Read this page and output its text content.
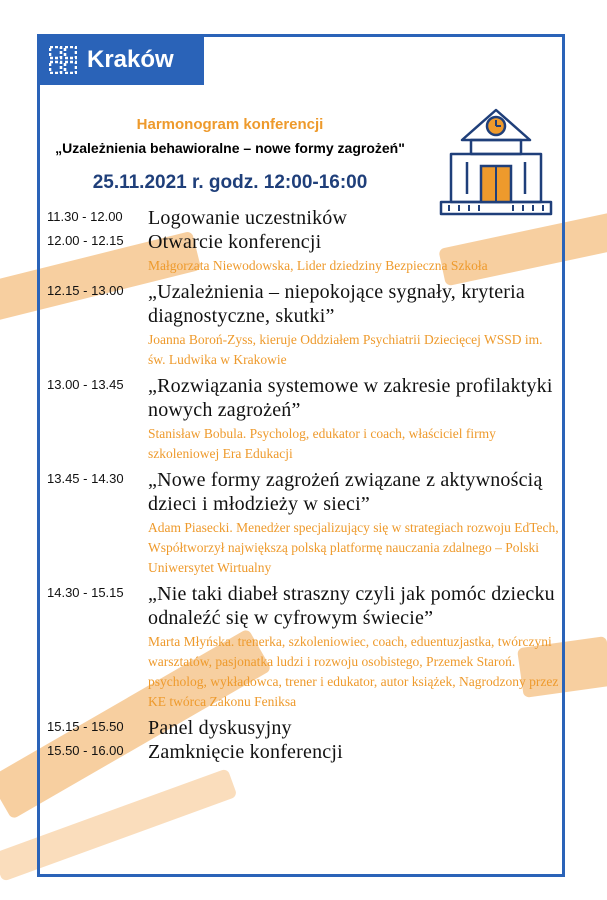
Kraków
Harmonogram konferencji
„Uzależnienia behawioralne – nowe formy zagrożeń"
25.11.2021 r. godz. 12:00-16:00
11.30 - 12.00	Logowanie uczestników
12.00 - 12.15	Otwarcie konferencji
Małgorzata Niewodowska, Lider dziedziny Bezpieczna Szkoła
12.15 - 13.00	„Uzależnienia – niepokojące sygnały, kryteria diagnostyczne, skutki”
Joanna Boroń-Zyss, kieruje Oddziałem Psychiatrii Dziecięcej WSSD im. św. Ludwika w Krakowie
13.00 - 13.45	„Rozwiązania systemowe w zakresie profilaktyki nowych zagrożeń”
Stanisław Bobula. Psycholog, edukator i coach, właściciel firmy szkoleniowej Era Edukacji
13.45 - 14.30	„Nowe formy zagrożeń związane z aktywnością dzieci i młodzieży w sieci”
Adam Piasecki. Menedżer specjalizujący się w strategiach rozwoju EdTech, Współtworzył największą polską platformę nauczania zdalnego – Polski Uniwersytet Wirtualny
14.30 - 15.15	„Nie taki diabeł straszny czyli jak pomóc dziecku odnaleźć się w cyfrowym świecie”
Marta Młyńska. trenerka, szkoleniowiec, coach, eduentuzjastka, twórczyni warsztatów, pasjonatka ludzi i rozwoju osobistego, Przemek Staroń. psycholog, wykładowca, trener i edukator, autor książek, Nagrodzony przez KE twórca Zakonu Feniksa
15.15 - 15.50	Panel dyskusyjny
15.50 - 16.00	Zamknięcie konferencji
